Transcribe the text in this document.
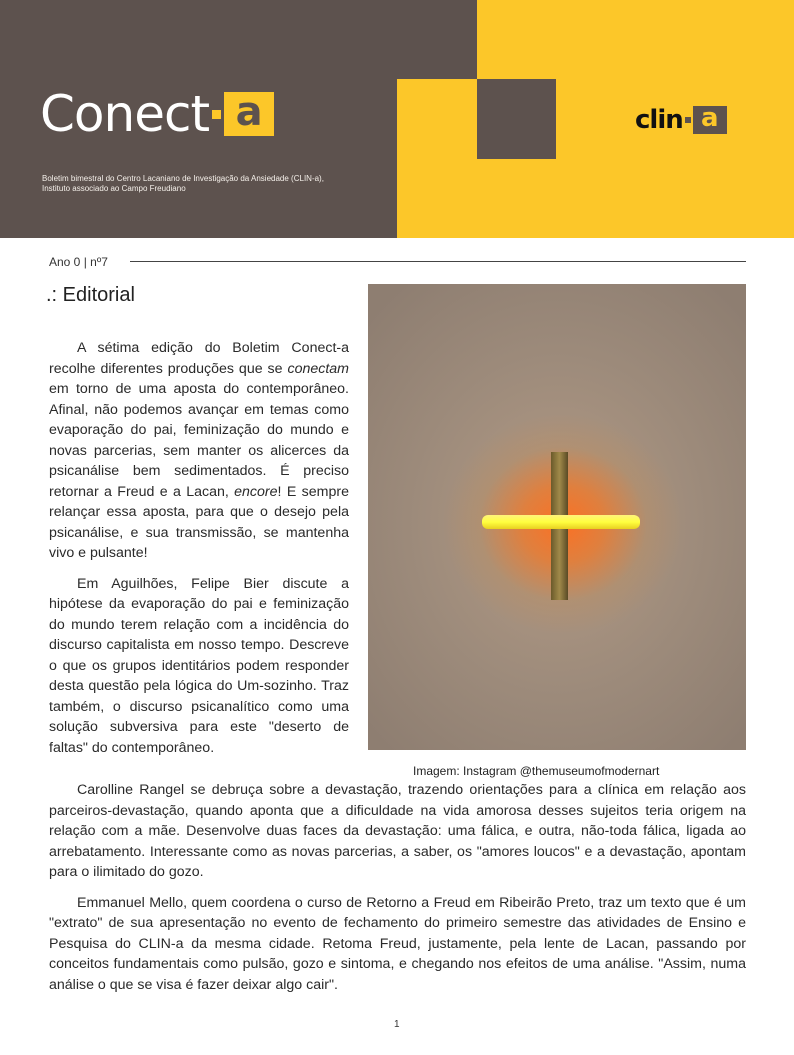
Conect a
Boletim bimestral do Centro Lacaniano de Investigação da Ansiedade (CLIN-a),
Instituto associado ao Campo Freudiano
clin a
Ano 0 | nº7
.: Editorial

A sétima edição do Boletim Conect-a recolhe diferentes produções que se conectam em torno de uma aposta do contemporâneo. Afinal, não podemos avançar em temas como evaporação do pai, feminização do mundo e novas parcerias, sem manter os alicerces da psicanálise bem sedimentados. É preciso retornar a Freud e a Lacan, encore! E sempre relançar essa aposta, para que o desejo pela psicanálise, e sua transmissão, se mantenha vivo e pulsante!

Em Aguilhões, Felipe Bier discute a hipótese da evaporação do pai e feminização do mundo terem relação com a incidência do discurso capitalista em nosso tempo. Descreve o que os grupos identitários podem responder desta questão pela lógica do Um-sozinho. Traz também, o discurso psicanalítico como uma solução subversiva para este "deserto de faltas" do contemporâneo.

Imagem: Instagram @themuseumofmodernart

Carolline Rangel se debruça sobre a devastação, trazendo orientações para a clínica em relação aos parceiros-devastação, quando aponta que a dificuldade na vida amorosa desses sujeitos teria origem na relação com a mãe. Desenvolve duas faces da devastação: uma fálica, e outra, não-toda fálica, ligada ao arrebatamento. Interessante como as novas parcerias, a saber, os "amores loucos" e a devastação, apontam para o ilimitado do gozo.

Emmanuel Mello, quem coordena o curso de Retorno a Freud em Ribeirão Preto, traz um texto que é um "extrato" de sua apresentação no evento de fechamento do primeiro semestre das atividades de Ensino e Pesquisa do CLIN-a da mesma cidade. Retoma Freud, justamente, pela lente de Lacan, passando por conceitos fundamentais como pulsão, gozo e sintoma, e chegando nos efeitos de uma análise. "Assim, numa análise o que se visa é fazer deixar algo cair".

1
